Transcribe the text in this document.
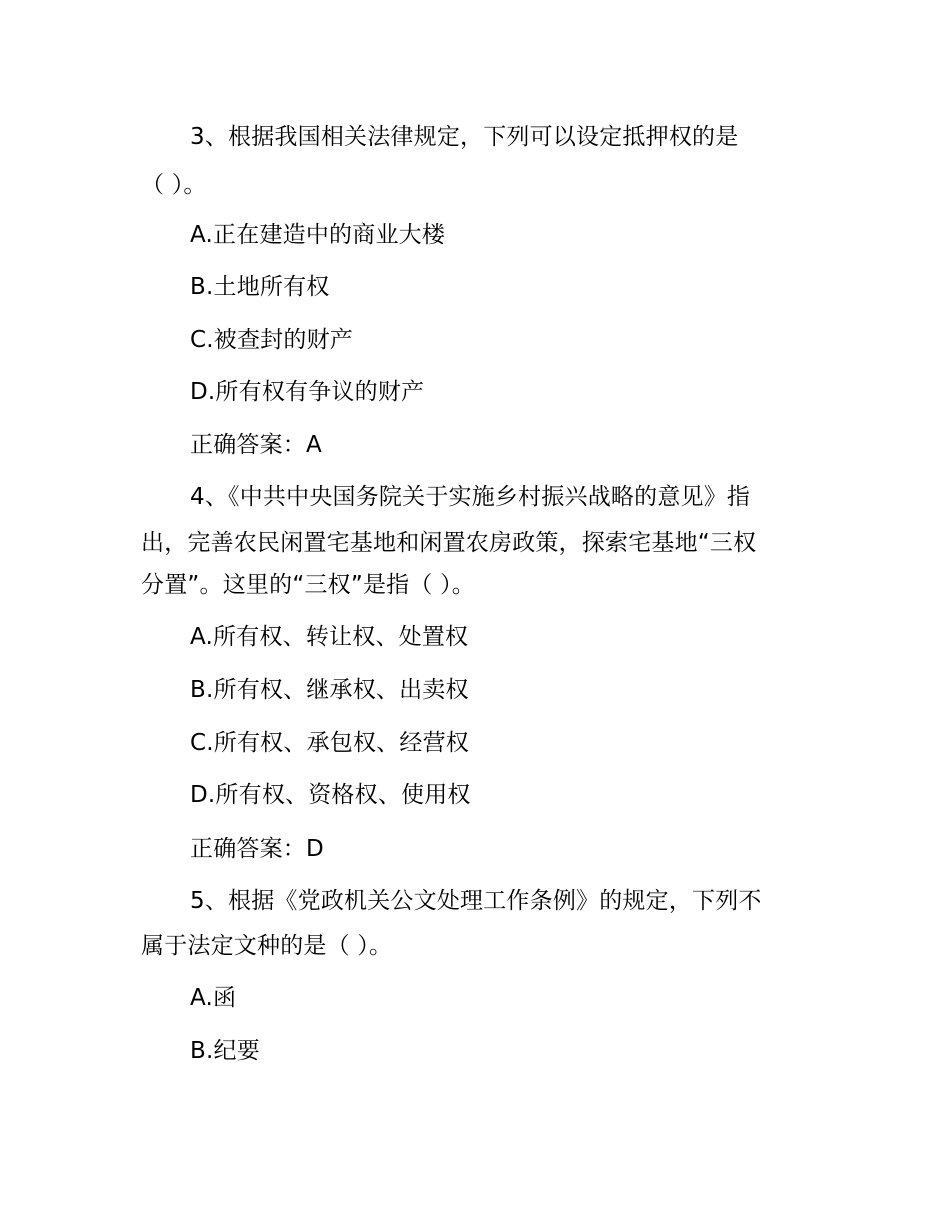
3、根据我国相关法律规定，下列可以设定抵押权的是
（ ）。
A.正在建造中的商业大楼
B.土地所有权
C.被查封的财产
D.所有权有争议的财产
正确答案：A
4、《中共中央国务院关于实施乡村振兴战略的意见》指
出，完善农民闲置宅基地和闲置农房政策，探索宅基地“三权
分置”。这里的“三权”是指（ ）。
A.所有权、转让权、处置权
B.所有权、继承权、出卖权
C.所有权、承包权、经营权
D.所有权、资格权、使用权
正确答案：D
5、根据《党政机关公文处理工作条例》的规定，下列不
属于法定文种的是（ ）。
A.函
B.纪要
